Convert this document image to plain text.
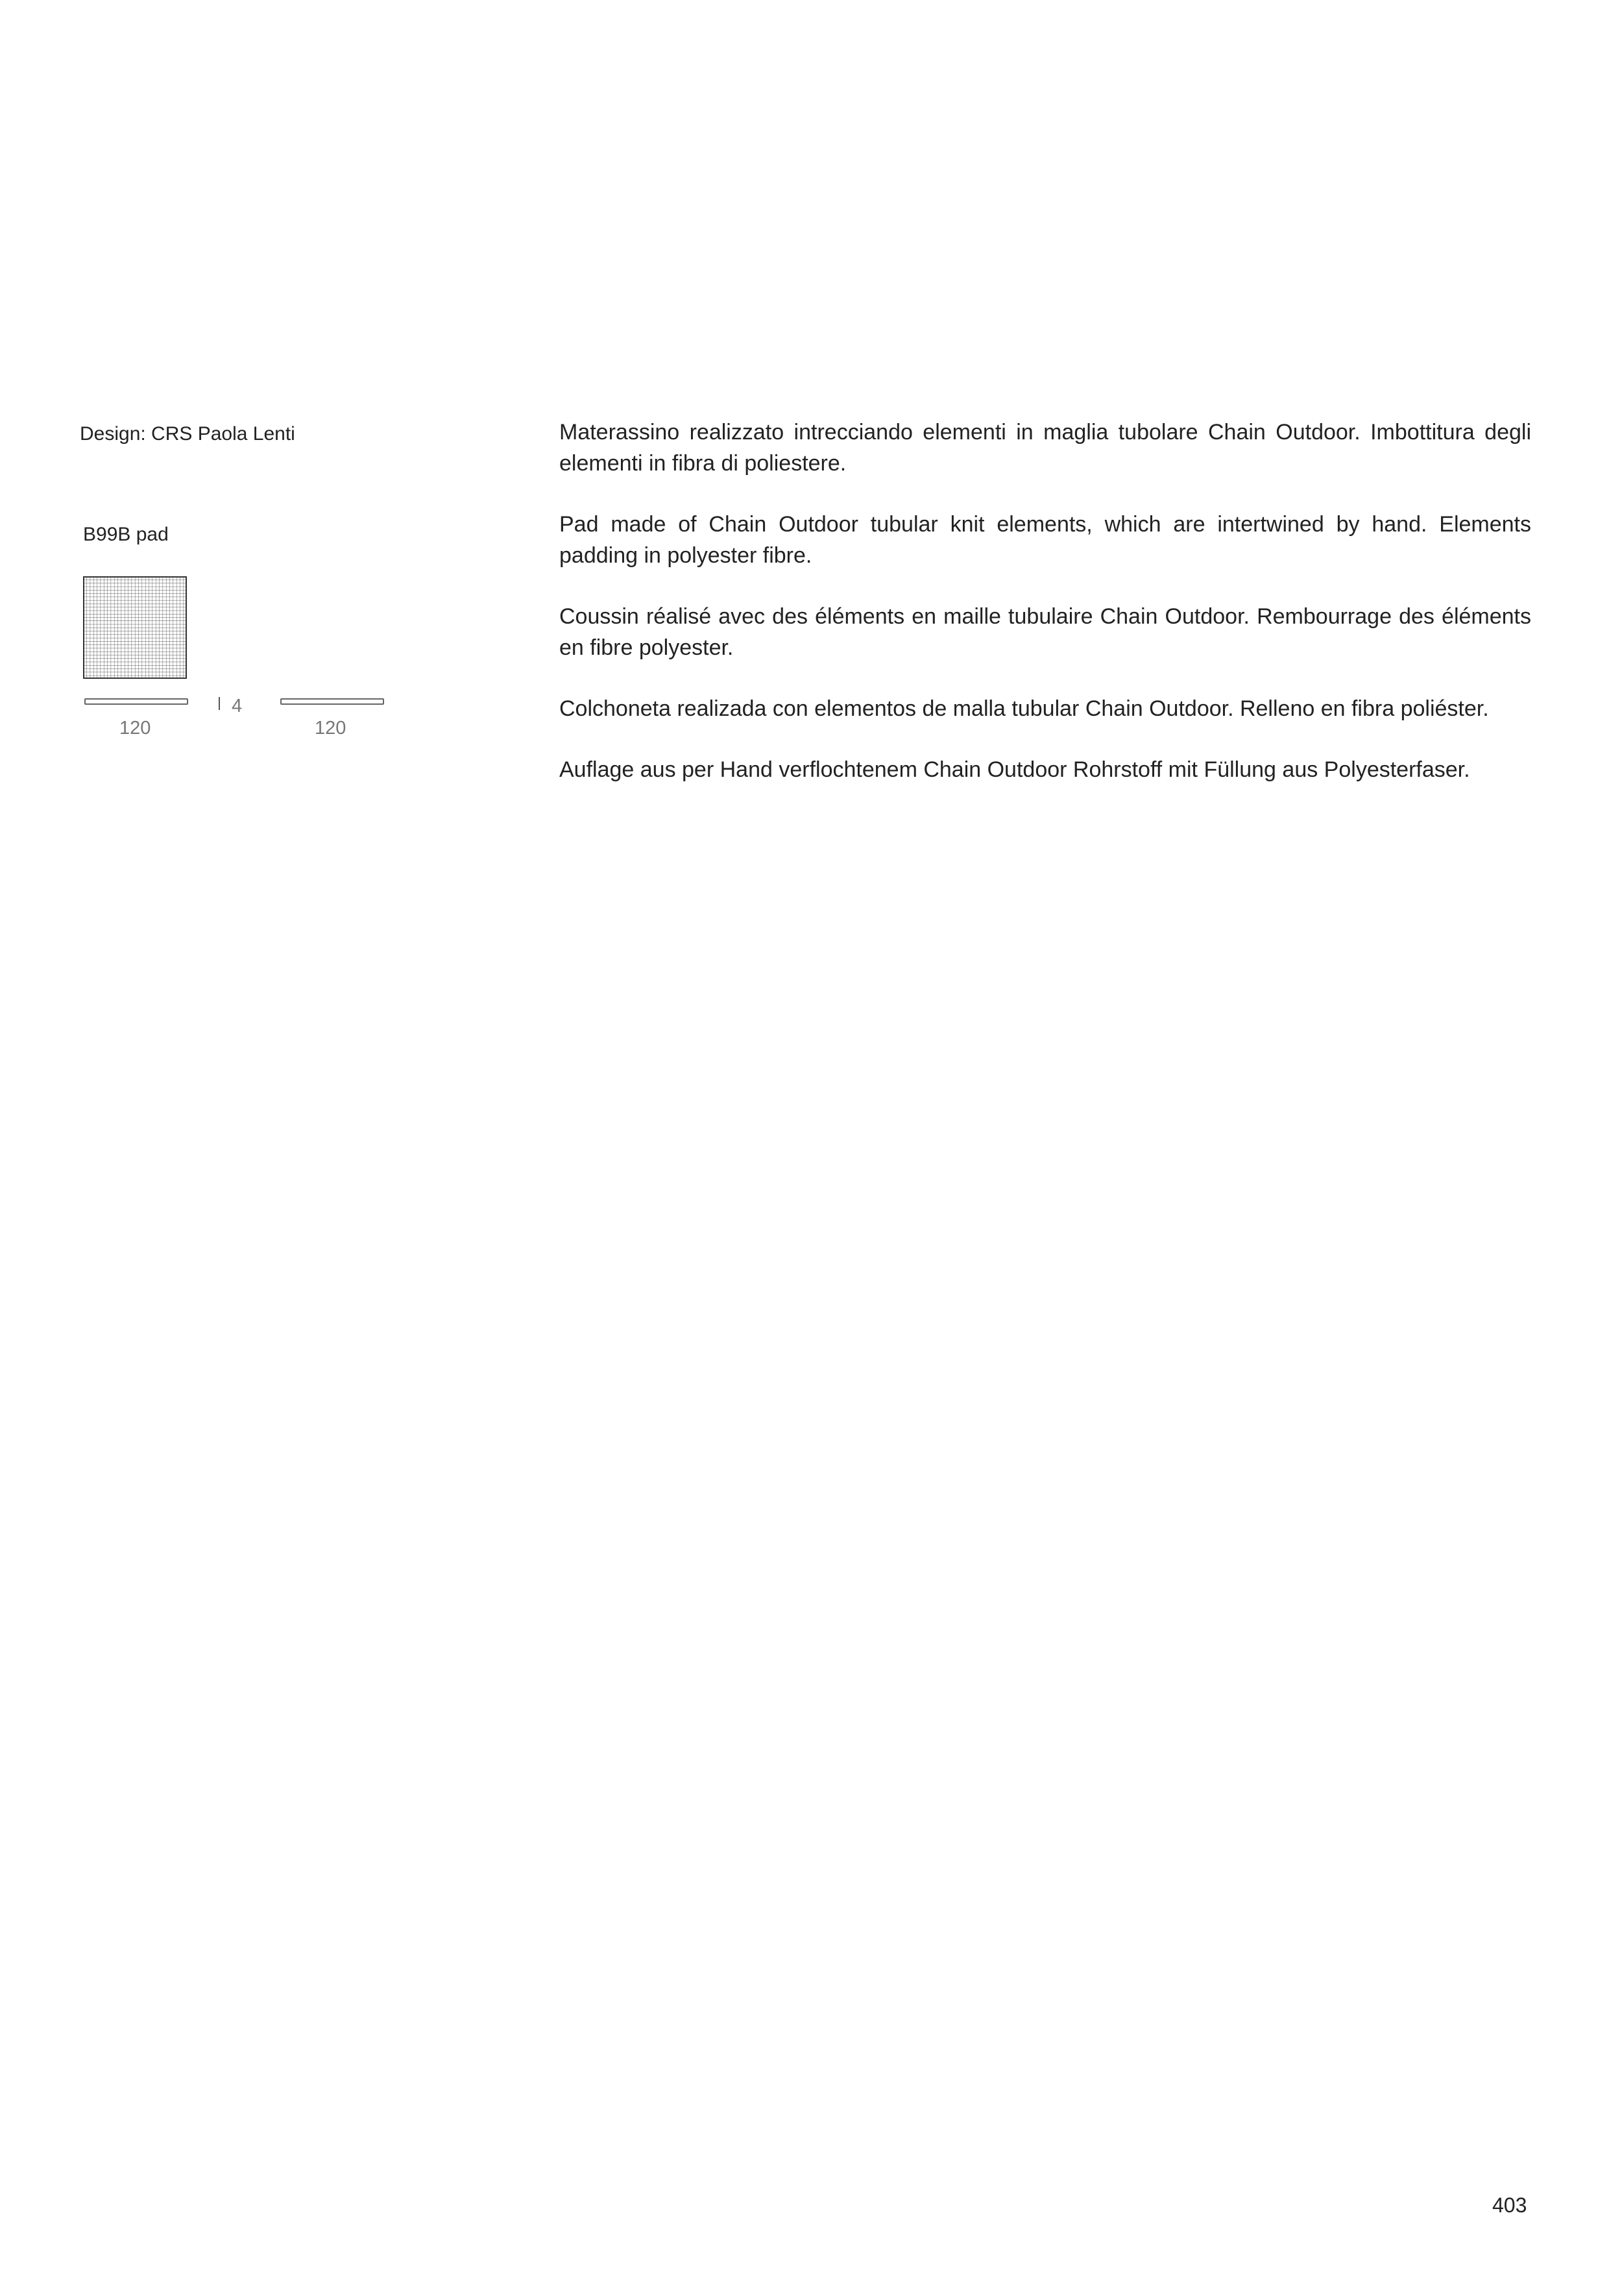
Design: CRS Paola Lenti

B99B pad

4

120	120

Materassino realizzato intrecciando elementi in maglia tubolare Chain Outdoor. Imbottitura degli elementi in fibra di poliestere.

Pad made of Chain Outdoor tubular knit elements, which are intertwined by hand. Elements padding in polyester fibre.

Coussin réalisé avec des éléments en maille tubulaire Chain Outdoor. Rembourrage des éléments en fibre polyester.

Colchoneta realizada con elementos de malla tubular Chain Outdoor. Relleno en fibra poliéster.

Auflage aus per Hand verflochtenem Chain Outdoor Rohrstoff mit Füllung aus Polyesterfaser.

403
